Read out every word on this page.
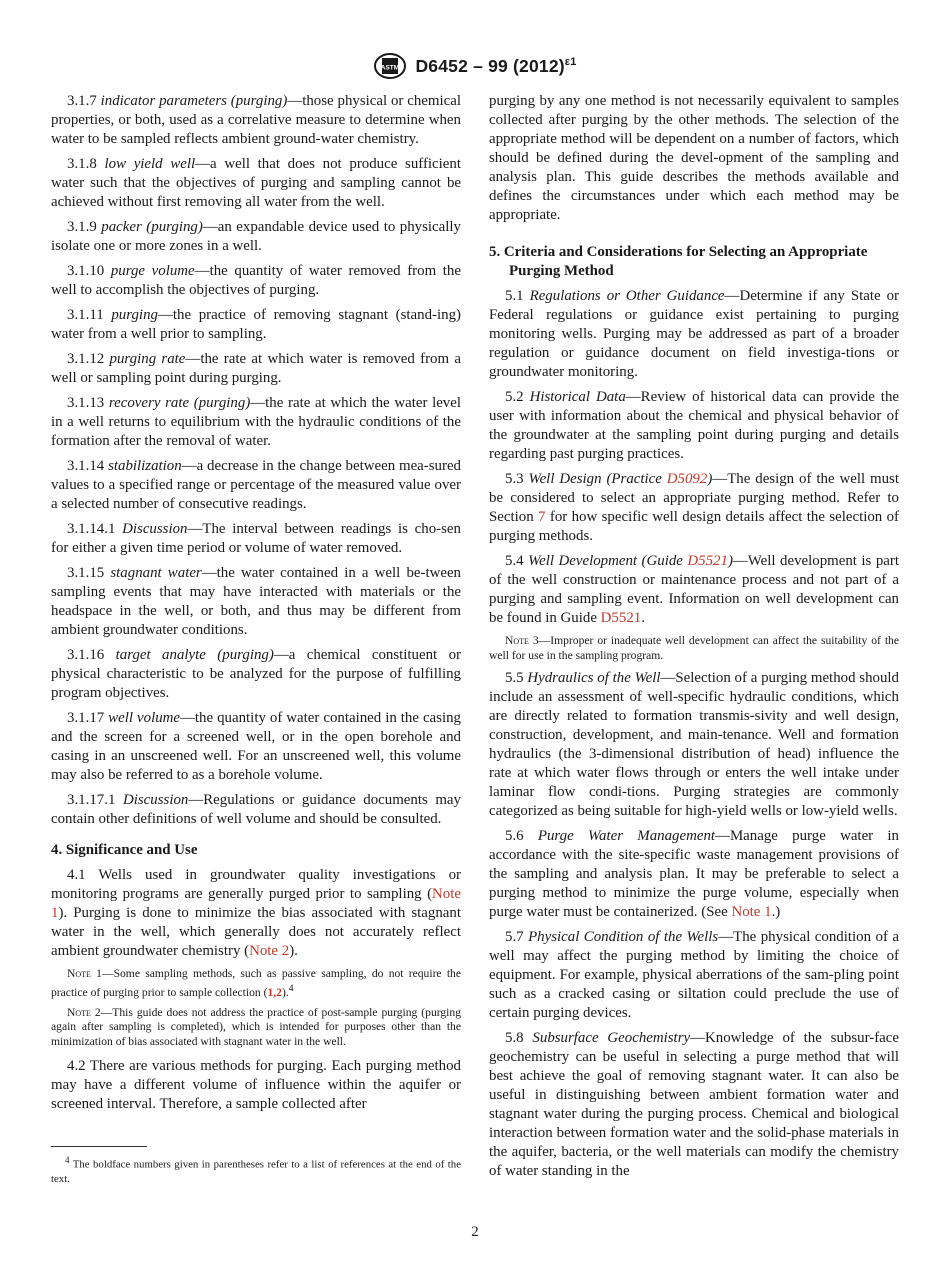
ASTM D6452 – 99 $(2012)^{\varepsilon 1}$

3.1.7 indicator parameters (purging)—those physical or chemical properties, or both, used as a correlative measure to determine when water to be sampled reflects ambient ground-water chemistry.

3.1.8 low yield well—a well that does not produce sufficient water such that the objectives of purging and sampling cannot be achieved without first removing all water from the well.

3.1.9 packer (purging)—an expandable device used to physically isolate one or more zones in a well.

3.1.10 purge volume—the quantity of water removed from the well to accomplish the objectives of purging.

3.1.11 purging—the practice of removing stagnant (stand-ing) water from a well prior to sampling.

3.1.12 purging rate—the rate at which water is removed from a well or sampling point during purging.

3.1.13 recovery rate (purging)—the rate at which the water level in a well returns to equilibrium with the hydraulic conditions of the formation after the removal of water.

3.1.14 stabilization—a decrease in the change between mea-sured values to a specified range or percentage of the measured value over a selected number of consecutive readings.

3.1.14.1 Discussion—The interval between readings is cho-sen for either a given time period or volume of water removed.

3.1.15 stagnant water—the water contained in a well be-tween sampling events that may have interacted with materials or the headspace in the well, or both, and thus may be different from ambient groundwater conditions.

3.1.16 target analyte (purging)—a chemical constituent or physical characteristic to be analyzed for the purpose of fulfilling program objectives.

3.1.17 well volume—the quantity of water contained in the casing and the screen for a screened well, or in the open borehole and casing in an unscreened well. For an unscreened well, this volume may also be referred to as a borehole volume.

3.1.17.1 Discussion—Regulations or guidance documents may contain other definitions of well volume and should be consulted.

4. Significance and Use

4.1 Wells used in groundwater quality investigations or monitoring programs are generally purged prior to sampling (Note 1). Purging is done to minimize the bias associated with stagnant water in the well, which generally does not accurately reflect ambient groundwater chemistry (Note 2).

Note 1—Some sampling methods, such as passive sampling, do not require the practice of purging prior to sample collection (1,2).$^4$

Note 2—This guide does not address the practice of post-sample purging (purging again after sampling is completed), which is intended for purposes other than the minimization of bias associated with stagnant water in the well.

4.2 There are various methods for purging. Each purging method may have a different volume of influence within the aquifer or screened interval. Therefore, a sample collected after

$^4$ The boldface numbers given in parentheses refer to a list of references at the end of the text.

purging by any one method is not necessarily equivalent to samples collected after purging by the other methods. The selection of the appropriate method will be dependent on a number of factors, which should be defined during the devel-opment of the sampling and analysis plan. This guide describes the methods available and defines the circumstances under which each method may be appropriate.

5. Criteria and Considerations for Selecting an Appropriate Purging Method

5.1 Regulations or Other Guidance—Determine if any State or Federal regulations or guidance exist pertaining to purging monitoring wells. Purging may be addressed as part of a broader regulation or guidance document on field investiga-tions or groundwater monitoring.

5.2 Historical Data—Review of historical data can provide the user with information about the chemical and physical behavior of the groundwater at the sampling point during purging and details regarding past purging practices.

5.3 Well Design (Practice D5092)—The design of the well must be considered to select an appropriate purging method. Refer to Section 7 for how specific well design details affect the selection of purging methods.

5.4 Well Development (Guide D5521)—Well development is part of the well construction or maintenance process and not part of a purging and sampling event. Information on well development can be found in Guide D5521.

Note 3—Improper or inadequate well development can affect the suitability of the well for use in the sampling program.

5.5 Hydraulics of the Well—Selection of a purging method should include an assessment of well-specific hydraulic conditions, which are directly related to formation transmis-sivity and well design, construction, development, and main-tenance. Well and formation hydraulics (the 3-dimensional distribution of head) influence the rate at which water flows through or enters the well intake under laminar flow condi-tions. Purging strategies are commonly categorized as being suitable for high-yield wells or low-yield wells.

5.6 Purge Water Management—Manage purge water in accordance with the site-specific waste management provisions of the sampling and analysis plan. It may be preferable to select a purging method to minimize the purge volume, especially when purge water must be containerized. (See Note 1.)

5.7 Physical Condition of the Wells—The physical condition of a well may affect the purging method by limiting the choice of equipment. For example, physical aberrations of the sam-pling point such as a cracked casing or siltation could preclude the use of certain purging devices.

5.8 Subsurface Geochemistry—Knowledge of the subsur-face geochemistry can be useful in selecting a purge method that will best achieve the goal of removing stagnant water. It can also be useful in distinguishing between ambient formation water and stagnant water during the purging process. Chemical and biological interaction between formation water and the solid-phase materials in the aquifer, bacteria, or the well materials can modify the chemistry of water standing in the

2
